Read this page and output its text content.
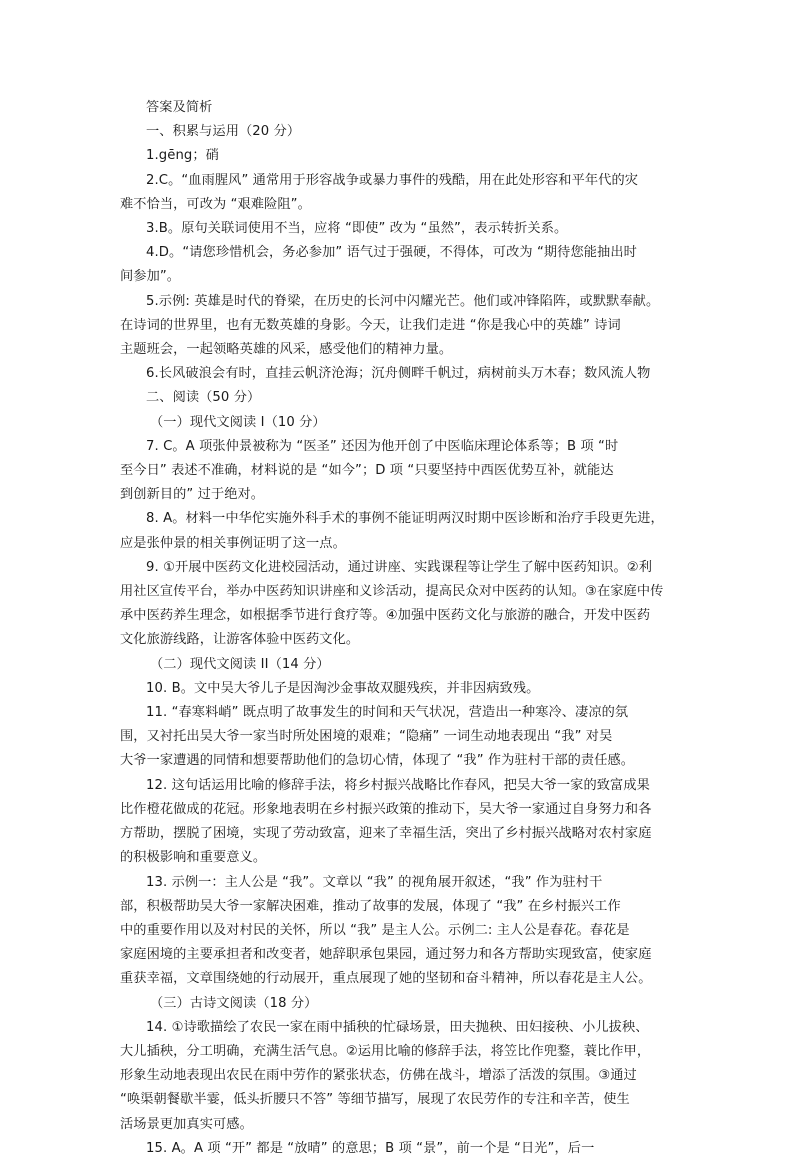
答案及简析
一、积累与运用（20 分）
1.gēng；硝
2.C。“血雨腥风” 通常用于形容战争或暴力事件的残酷，用在此处形容和平年代的灾
难不恰当，可改为 “艰难险阻”。
3.B。原句关联词使用不当，应将 “即使” 改为 “虽然”，表示转折关系。
4.D。“请您珍惜机会，务必参加” 语气过于强硬，不得体，可改为 “期待您能抽出时
间参加”。
5.示例: 英雄是时代的脊梁，在历史的长河中闪耀光芒。他们或冲锋陷阵，或默默奉献。
在诗词的世界里，也有无数英雄的身影。今天，让我们走进 “你是我心中的英雄” 诗词
主题班会，一起领略英雄的风采，感受他们的精神力量。
6.长风破浪会有时，直挂云帆济沧海；沉舟侧畔千帆过，病树前头万木春；数风流人物
二、阅读（50 分）
（一）现代文阅读 I（10 分）
7. C。A 项张仲景被称为 “医圣” 还因为他开创了中医临床理论体系等；B 项 “时
至今日” 表述不准确，材料说的是 “如今”；D 项 “只要坚持中西医优势互补，就能达
到创新目的” 过于绝对。
8. A。材料一中华佗实施外科手术的事例不能证明两汉时期中医诊断和治疗手段更先进，
应是张仲景的相关事例证明了这一点。
9. ①开展中医药文化进校园活动，通过讲座、实践课程等让学生了解中医药知识。②利
用社区宣传平台，举办中医药知识讲座和义诊活动，提高民众对中医药的认知。③在家庭中传
承中医药养生理念，如根据季节进行食疗等。④加强中医药文化与旅游的融合，开发中医药
文化旅游线路，让游客体验中医药文化。
（二）现代文阅读 II（14 分）
10. B。文中吴大爷儿子是因淘沙金事故双腿残疾，并非因病致残。
11. “春寒料峭” 既点明了故事发生的时间和天气状况，营造出一种寒冷、凄凉的氛
围，又衬托出吴大爷一家当时所处困境的艰难；“隐痛” 一词生动地表现出 “我” 对吴
大爷一家遭遇的同情和想要帮助他们的急切心情，体现了 “我” 作为驻村干部的责任感。
12. 这句话运用比喻的修辞手法，将乡村振兴战略比作春风，把吴大爷一家的致富成果
比作橙花做成的花冠。形象地表明在乡村振兴政策的推动下，吴大爷一家通过自身努力和各
方帮助，摆脱了困境，实现了劳动致富，迎来了幸福生活，突出了乡村振兴战略对农村家庭
的积极影响和重要意义。
13. 示例一：主人公是 “我”。文章以 “我” 的视角展开叙述，“我” 作为驻村干
部，积极帮助吴大爷一家解决困难，推动了故事的发展，体现了 “我” 在乡村振兴工作
中的重要作用以及对村民的关怀，所以 “我” 是主人公。示例二: 主人公是春花。春花是
家庭困境的主要承担者和改变者，她辞职承包果园，通过努力和各方帮助实现致富，使家庭
重获幸福，文章围绕她的行动展开，重点展现了她的坚韧和奋斗精神，所以春花是主人公。
（三）古诗文阅读（18 分）
14. ①诗歌描绘了农民一家在雨中插秧的忙碌场景，田夫抛秧、田妇接秧、小儿拔秧、
大儿插秧，分工明确，充满生活气息。②运用比喻的修辞手法，将笠比作兜鍪，蓑比作甲，
形象生动地表现出农民在雨中劳作的紧张状态，仿佛在战斗，增添了活泼的氛围。③通过
“唤渠朝餐歇半霎，低头折腰只不答” 等细节描写，展现了农民劳作的专注和辛苦，使生
活场景更加真实可感。
15. A。A 项 “开” 都是 “放晴” 的意思；B 项 “景”，前一个是 “日光”，后一
